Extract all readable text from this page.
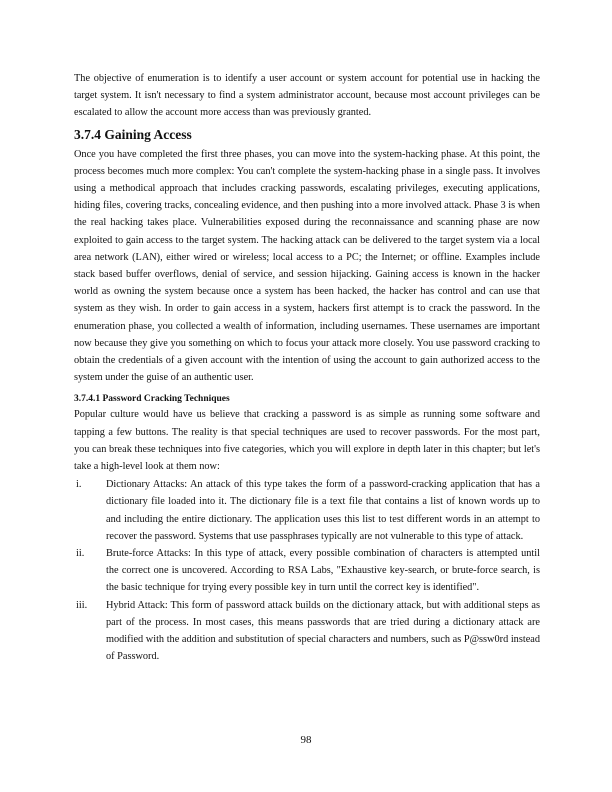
The objective of enumeration is to identify a user account or system account for potential use in hacking the target system. It isn't necessary to find a system administrator account, because most account privileges can be escalated to allow the account more access than was previously granted.

3.7.4 Gaining Access

Once you have completed the first three phases, you can move into the system-hacking phase. At this point, the process becomes much more complex: You can't complete the system-hacking phase in a single pass. It involves using a methodical approach that includes cracking passwords, escalating privileges, executing applications, hiding files, covering tracks, concealing evidence, and then pushing into a more involved attack. Phase 3 is when the real hacking takes place. Vulnerabilities exposed during the reconnaissance and scanning phase are now exploited to gain access to the target system. The hacking attack can be delivered to the target system via a local area network (LAN), either wired or wireless; local access to a PC; the Internet; or offline. Examples include stack based buffer overflows, denial of service, and session hijacking. Gaining access is known in the hacker world as owning the system because once a system has been hacked, the hacker has control and can use that system as they wish. In order to gain access in a system, hackers first attempt is to crack the password. In the enumeration phase, you collected a wealth of information, including usernames. These usernames are important now because they give you something on which to focus your attack more closely. You use password cracking to obtain the credentials of a given account with the intention of using the account to gain authorized access to the system under the guise of an authentic user.

3.7.4.1 Password Cracking Techniques

Popular culture would have us believe that cracking a password is as simple as running some software and tapping a few buttons. The reality is that special techniques are used to recover passwords. For the most part, you can break these techniques into five categories, which you will explore in depth later in this chapter; but let's take a high-level look at them now:

i. Dictionary Attacks: An attack of this type takes the form of a password-cracking application that has a dictionary file loaded into it. The dictionary file is a text file that contains a list of known words up to and including the entire dictionary. The application uses this list to test different words in an attempt to recover the password. Systems that use passphrases typically are not vulnerable to this type of attack.

ii. Brute-force Attacks: In this type of attack, every possible combination of characters is attempted until the correct one is uncovered. According to RSA Labs, "Exhaustive key-search, or brute-force search, is the basic technique for trying every possible key in turn until the correct key is identified".

iii. Hybrid Attack: This form of password attack builds on the dictionary attack, but with additional steps as part of the process. In most cases, this means passwords that are tried during a dictionary attack are modified with the addition and substitution of special characters and numbers, such as P@ssw0rd instead of Password.

98
